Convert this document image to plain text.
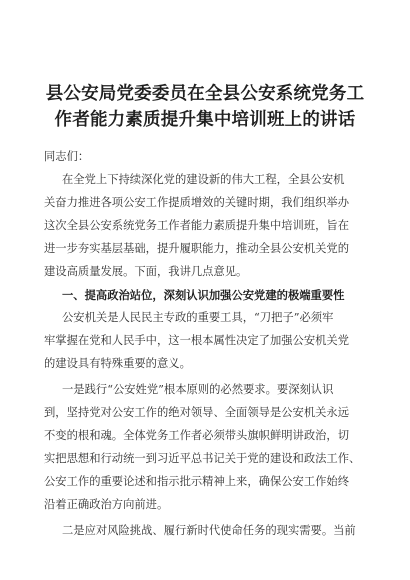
县公安局党委委员在全县公安系统党务工
作者能力素质提升集中培训班上的讲话
同志们：
在全党上下持续深化党的建设新的伟大工程，全县公安机
关奋力推进各项公安工作提质增效的关键时期，我们组织举办
这次全县公安系统党务工作者能力素质提升集中培训班，旨在
进一步夯实基层基础，提升履职能力，推动全县公安机关党的
建设高质量发展。下面，我讲几点意见。
一、提高政治站位，深刻认识加强公安党建的极端重要性
公安机关是人民民主专政的重要工具，“刀把子”必须牢
牢掌握在党和人民手中，这一根本属性决定了加强公安机关党
的建设具有特殊重要的意义。
一是践行“公安姓党”根本原则的必然要求。要深刻认识
到，坚持党对公安工作的绝对领导、全面领导是公安机关永远
不变的根和魂。全体党务工作者必须带头旗帜鲜明讲政治，切
实把思想和行动统一到习近平总书记关于党的建设和政法工作、
公安工作的重要论述和指示批示精神上来，确保公安工作始终
沿着正确政治方向前进。
二是应对风险挑战、履行新时代使命任务的现实需要。当前
